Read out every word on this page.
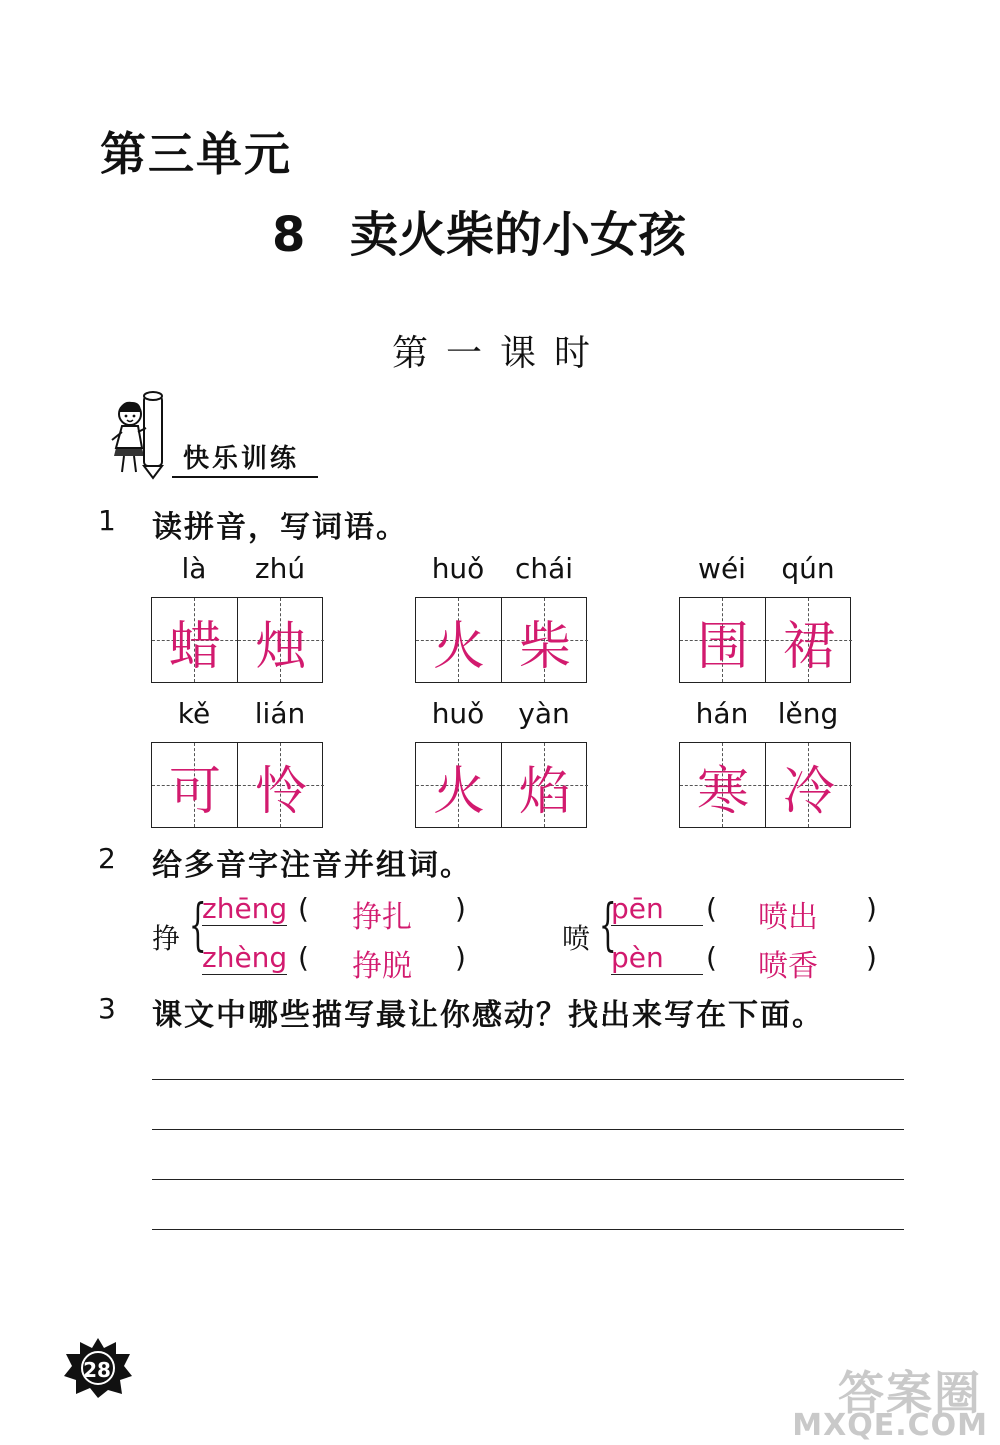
第三单元
8 卖火柴的小女孩
第一课时
快乐训练
1 读拼音，写词语。
là	zhú
蜡 烛
huǒ	chái
火 柴
wéi	qún
围 裙
kě	lián
可 怜
huǒ	yàn
火 焰
hán	lěng
寒 冷
2 给多音字注音并组词。
挣 {
zhēng ( 挣扎 )
zhèng ( 挣脱 )
喷 {
pēn	( 喷出 )
pèn	( 喷香 )
3 课文中哪些描写最让你感动？找出来写在下面。
28	答案圈
MXQE.COM
